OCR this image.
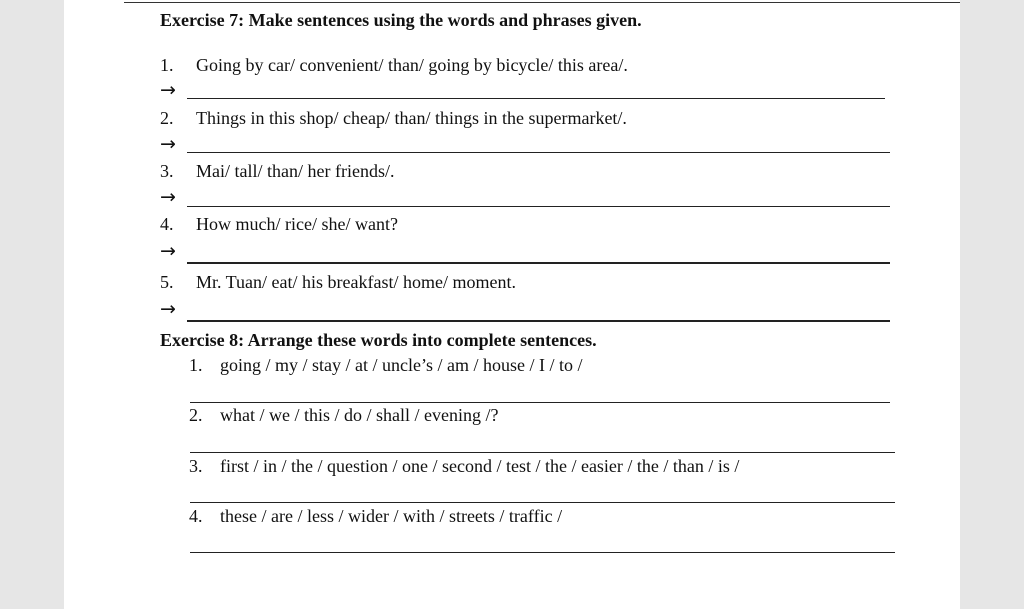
Exercise 7: Make sentences using the words and phrases given.
1. Going by car/ convenient/ than/ going by bicycle/ this area/.
→
2. Things in this shop/ cheap/ than/ things in the supermarket/.
→
3. Mai/ tall/ than/ her friends/.
→
4. How much/ rice/ she/ want?
→
5. Mr. Tuan/ eat/ his breakfast/ home/ moment.
→
Exercise 8: Arrange these words into complete sentences.
1. going / my / stay / at / uncle’s / am / house / I / to /
2. what / we / this / do / shall / evening /?
3. first / in / the / question / one / second / test / the / easier / the / than / is /
4. these / are / less / wider / with / streets / traffic /
